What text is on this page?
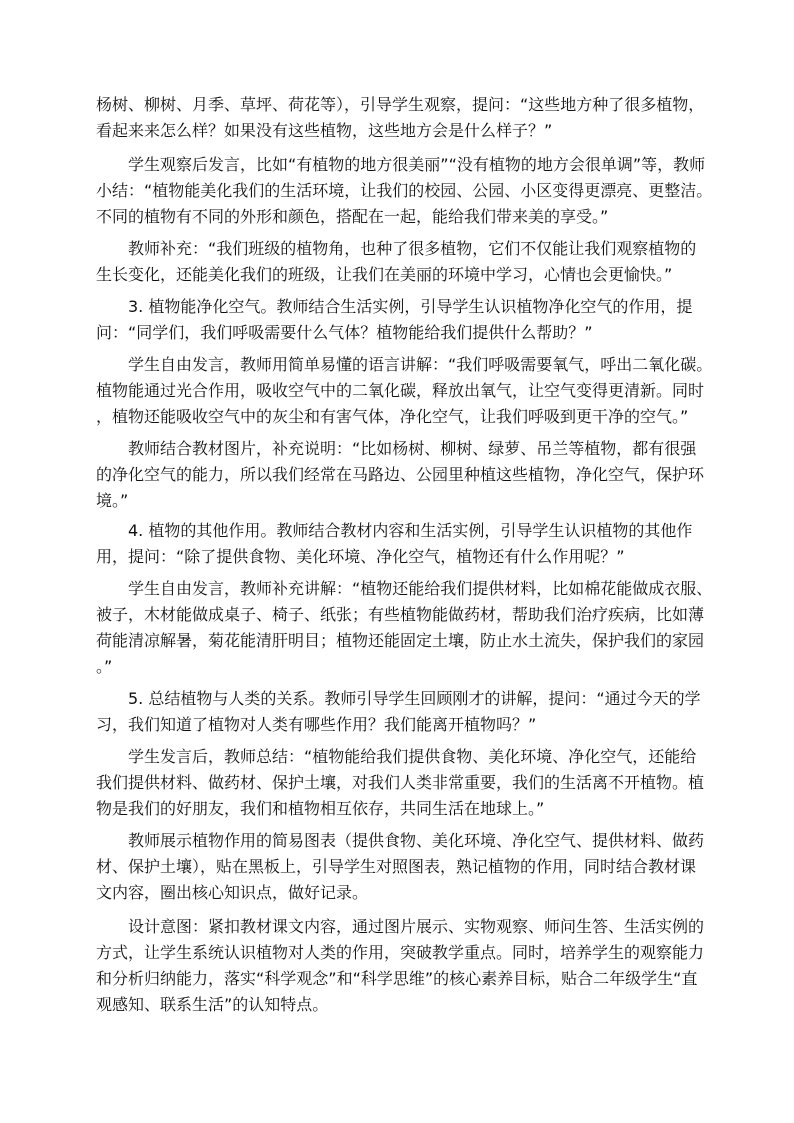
杨树、柳树、月季、草坪、荷花等），引导学生观察，提问：“这些地方种了很多植物，
看起来来怎么样？如果没有这些植物，这些地方会是什么样子？”
学生观察后发言，比如“有植物的地方很美丽”“没有植物的地方会很单调”等，教师
小结：“植物能美化我们的生活环境，让我们的校园、公园、小区变得更漂亮、更整洁。
不同的植物有不同的外形和颜色，搭配在一起，能给我们带来美的享受。”
教师补充：“我们班级的植物角，也种了很多植物，它们不仅能让我们观察植物的
生长变化，还能美化我们的班级，让我们在美丽的环境中学习，心情也会更愉快。”
3. 植物能净化空气。教师结合生活实例，引导学生认识植物净化空气的作用，提
问：“同学们，我们呼吸需要什么气体？植物能给我们提供什么帮助？”
学生自由发言，教师用简单易懂的语言讲解：“我们呼吸需要氧气，呼出二氧化碳。
植物能通过光合作用，吸收空气中的二氧化碳，释放出氧气，让空气变得更清新。同时
，植物还能吸收空气中的灰尘和有害气体，净化空气，让我们呼吸到更干净的空气。”
教师结合教材图片，补充说明：“比如杨树、柳树、绿萝、吊兰等植物，都有很强
的净化空气的能力，所以我们经常在马路边、公园里种植这些植物，净化空气，保护环
境。”
4. 植物的其他作用。教师结合教材内容和生活实例，引导学生认识植物的其他作
用，提问：“除了提供食物、美化环境、净化空气，植物还有什么作用呢？”
学生自由发言，教师补充讲解：“植物还能给我们提供材料，比如棉花能做成衣服、
被子，木材能做成桌子、椅子、纸张；有些植物能做药材，帮助我们治疗疾病，比如薄
荷能清凉解暑，菊花能清肝明目；植物还能固定土壤，防止水土流失，保护我们的家园
。”
5. 总结植物与人类的关系。教师引导学生回顾刚才的讲解，提问：“通过今天的学
习，我们知道了植物对人类有哪些作用？我们能离开植物吗？”
学生发言后，教师总结：“植物能给我们提供食物、美化环境、净化空气，还能给
我们提供材料、做药材、保护土壤，对我们人类非常重要，我们的生活离不开植物。植
物是我们的好朋友，我们和植物相互依存，共同生活在地球上。”
教师展示植物作用的简易图表（提供食物、美化环境、净化空气、提供材料、做药
材、保护土壤），贴在黑板上，引导学生对照图表，熟记植物的作用，同时结合教材课
文内容，圈出核心知识点，做好记录。
设计意图：紧扣教材课文内容，通过图片展示、实物观察、师问生答、生活实例的
方式，让学生系统认识植物对人类的作用，突破教学重点。同时，培养学生的观察能力
和分析归纳能力，落实“科学观念”和“科学思维”的核心素养目标，贴合二年级学生“直
观感知、联系生活”的认知特点。
